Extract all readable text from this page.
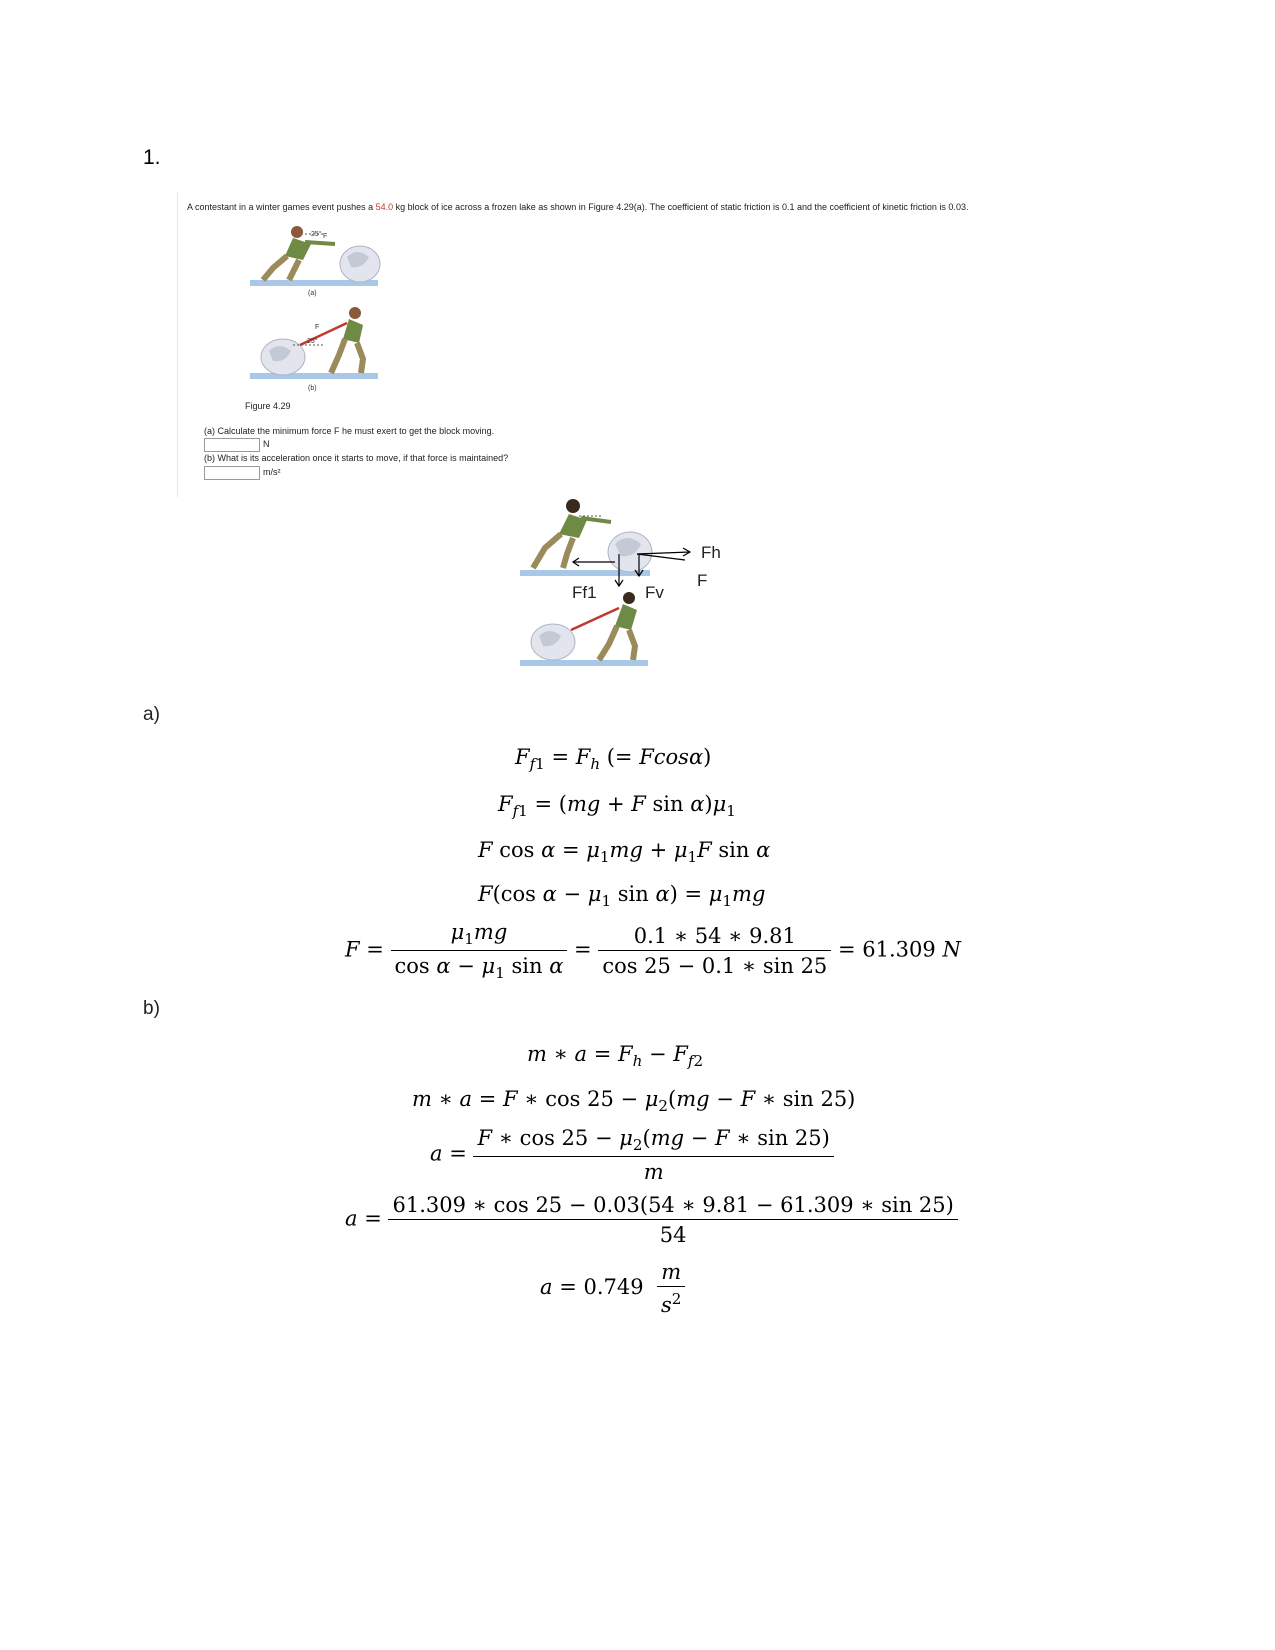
1.
A contestant in a winter games event pushes a 54.0 kg block of ice across a frozen lake as shown in Figure 4.29(a). The coefficient of static friction is 0.1 and the coefficient of kinetic friction is 0.03.
25° F
(a)
25°
F
(b)
Figure 4.29
(a) Calculate the minimum force F he must exert to get the block moving.
N
(b) What is its acceleration once it starts to move, if that force is maintained?
m/s²
Fh
F
Ff1	Fv
a)
$F_{f1} = F_h$ (= Fcosα)
$F_{f1} = (mg + F$ $\sin \alpha)\mu_1$
F $\cos \alpha = \mu_1mg + \mu_1F$ sin α
F(cos $\alpha - \mu_1$ $\sin \alpha) = \mu_1mg$
$F = \frac{\mu_1mg}{\cos \alpha - \mu_1 \sin \alpha} = \frac{0.1 ∗ 54 ∗ 9.81}{\cos 25 - 0.1 ∗ \sin 25} = 61.309$ N
b)
m ∗ $a = F_h - F_{f2}$
m ∗ a = F ∗ $\cos 25 - \mu_2(mg - F$ ∗ sin 25)
$a = \frac{F ∗ \cos 25 - \mu_2(mg - F ∗ \sin 25)}{m}$
$a = \frac{61.309 ∗ \cos 25 - 0.03(54 ∗ 9.81 - 61.309 ∗ \sin 25)}{54}$
$a = 0.749 \frac{m}{s^2}$
